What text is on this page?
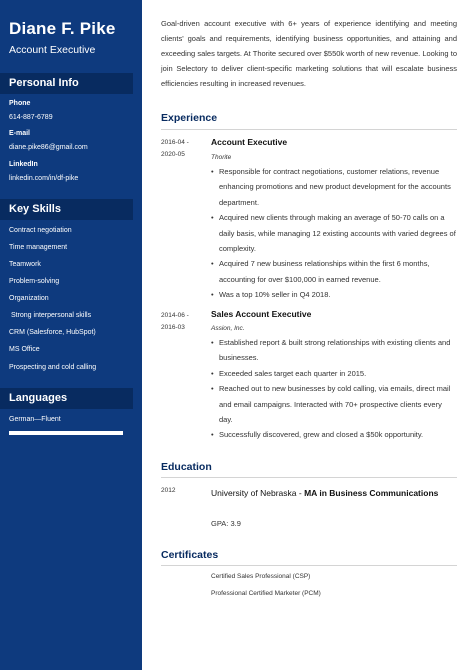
Diane F. Pike
Account Executive
Personal Info
Phone
614-887-6789
E-mail
diane.pike86@gmail.com
LinkedIn
linkedin.com/in/df-pike
Key Skills
Contract negotiation
Time management
Teamwork
Problem-solving
Organization
Strong interpersonal skills
CRM (Salesforce, HubSpot)
MS Office
Prospecting and cold calling
Languages
German—Fluent
Goal-driven account executive with 6+ years of experience identifying and meeting clients' goals and requirements, identifying business opportunities, and attaining and exceeding sales targets. At Thorite secured over $550k worth of new revenue. Looking to join Selectory to deliver client-specific marketing solutions that will escalate business efficiencies resulting in increased revenues.
Experience
2016-04 -
2020-05
Account Executive
Thorite
• Responsible for contract negotiations, customer relations, revenue enhancing promotions and new product development for the accounts department.
• Acquired new clients through making an average of 50-70 calls on a daily basis, while managing 12 existing accounts with varied degrees of complexity.
• Acquired 7 new business relationships within the first 6 months, accounting for over $100,000 in earned revenue.
• Was a top 10% seller in Q4 2018.
2014-06 -
2016-03
Sales Account Executive
Assion, Inc.
• Established report & built strong relationships with existing clients and businesses.
• Exceeded sales target each quarter in 2015.
• Reached out to new businesses by cold calling, via emails, direct mail and email campaigns. Interacted with 70+ prospective clients every day.
• Successfully discovered, grew and closed a $50k opportunity.
Education
2012	University of Nebraska - MA in Business Communications
GPA: 3.9
Certificates
Certified Sales Professional (CSP)
Professional Certified Marketer (PCM)
